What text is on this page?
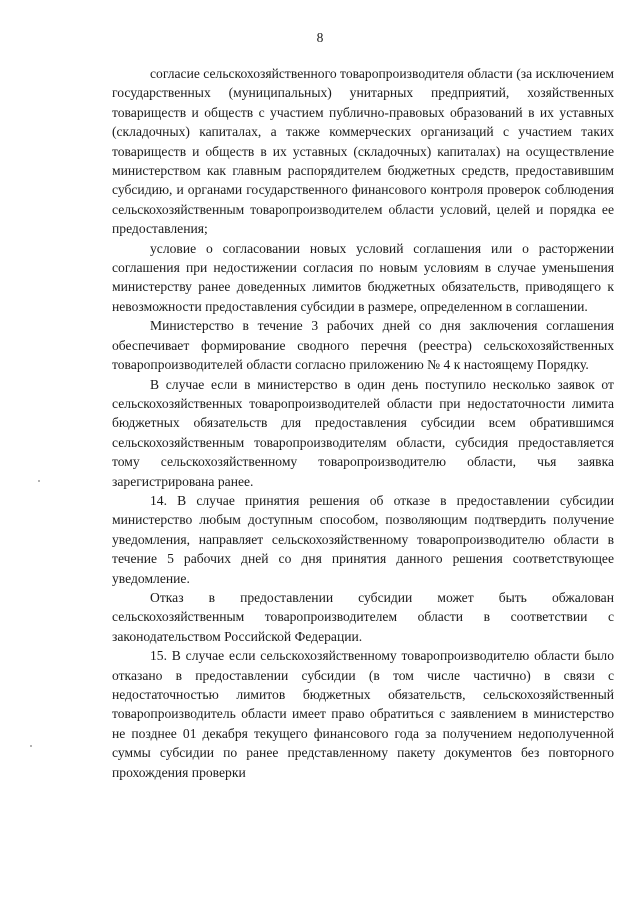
8

согласие сельскохозяйственного товаропроизводителя области (за исключением государственных (муниципальных) унитарных предприятий, хозяйственных товариществ и обществ с участием публично-правовых образований в их уставных (складочных) капиталах, а также коммерческих организаций с участием таких товариществ и обществ в их уставных (складочных) капиталах) на осуществление министерством как главным распорядителем бюджетных средств, предоставившим субсидию, и органами государственного финансового контроля проверок соблюдения сельскохозяйственным товаропроизводителем области условий, целей и порядка ее предоставления;

условие о согласовании новых условий соглашения или о расторжении соглашения при недостижении согласия по новым условиям в случае уменьшения министерству ранее доведенных лимитов бюджетных обязательств, приводящего к невозможности предоставления субсидии в размере, определенном в соглашении.

Министерство в течение 3 рабочих дней со дня заключения соглашения обеспечивает формирование сводного перечня (реестра) сельскохозяйственных товаропроизводителей области согласно приложению № 4 к настоящему Порядку.

В случае если в министерство в один день поступило несколько заявок от сельскохозяйственных товаропроизводителей области при недостаточности лимита бюджетных обязательств для предоставления субсидии всем обратившимся сельскохозяйственным товаропроизводителям области, субсидия предоставляется тому сельскохозяйственному товаропроизводителю области, чья заявка зарегистрирована ранее.

14. В случае принятия решения об отказе в предоставлении субсидии министерство любым доступным способом, позволяющим подтвердить получение уведомления, направляет сельскохозяйственному товаропроизводителю области в течение 5 рабочих дней со дня принятия данного решения соответствующее уведомление.

Отказ в предоставлении субсидии может быть обжалован сельскохозяйственным товаропроизводителем области в соответствии с законодательством Российской Федерации.

15. В случае если сельскохозяйственному товаропроизводителю области было отказано в предоставлении субсидии (в том числе частично) в связи с недостаточностью лимитов бюджетных обязательств, сельскохозяйственный товаропроизводитель области имеет право обратиться с заявлением в министерство не позднее 01 декабря текущего финансового года за получением недополученной суммы субсидии по ранее представленному пакету документов без повторного прохождения проверки
